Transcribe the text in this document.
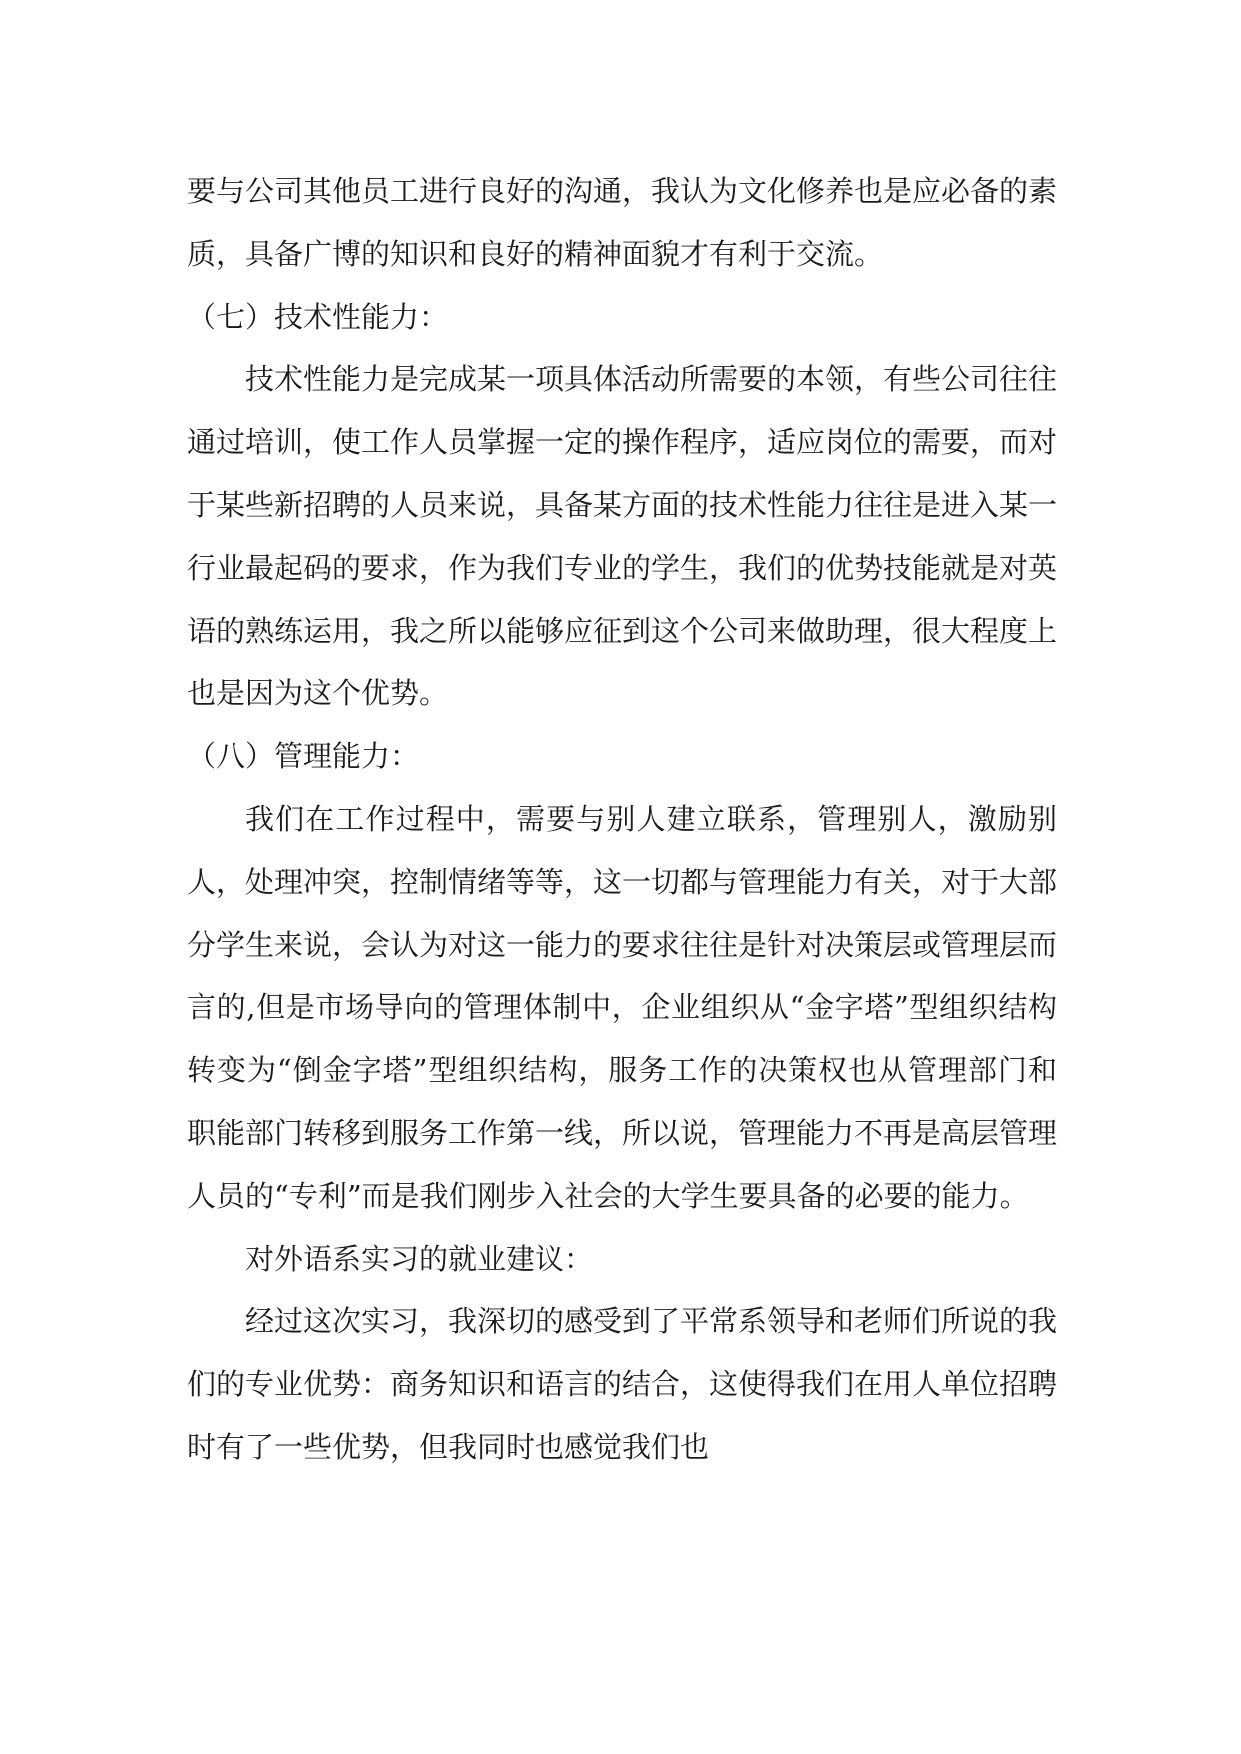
要与公司其他员工进行良好的沟通，我认为文化修养也是应必备的素质，具备广博的知识和良好的精神面貌才有利于交流。

（七）技术性能力：

技术性能力是完成某一项具体活动所需要的本领，有些公司往往通过培训，使工作人员掌握一定的操作程序，适应岗位的需要，而对于某些新招聘的人员来说，具备某方面的技术性能力往往是进入某一行业最起码的要求，作为我们专业的学生，我们的优势技能就是对英语的熟练运用，我之所以能够应征到这个公司来做助理，很大程度上也是因为这个优势。

（八）管理能力：

我们在工作过程中，需要与别人建立联系，管理别人，激励别人，处理冲突，控制情绪等等，这一切都与管理能力有关，对于大部分学生来说，会认为对这一能力的要求往往是针对决策层或管理层而言的,但是市场导向的管理体制中，企业组织从“金字塔”型组织结构转变为“倒金字塔”型组织结构，服务工作的决策权也从管理部门和职能部门转移到服务工作第一线，所以说，管理能力不再是高层管理人员的“专利”而是我们刚步入社会的大学生要具备的必要的能力。

对外语系实习的就业建议：

经过这次实习，我深切的感受到了平常系领导和老师们所说的我们的专业优势：商务知识和语言的结合，这使得我们在用人单位招聘时有了一些优势，但我同时也感觉我们也
